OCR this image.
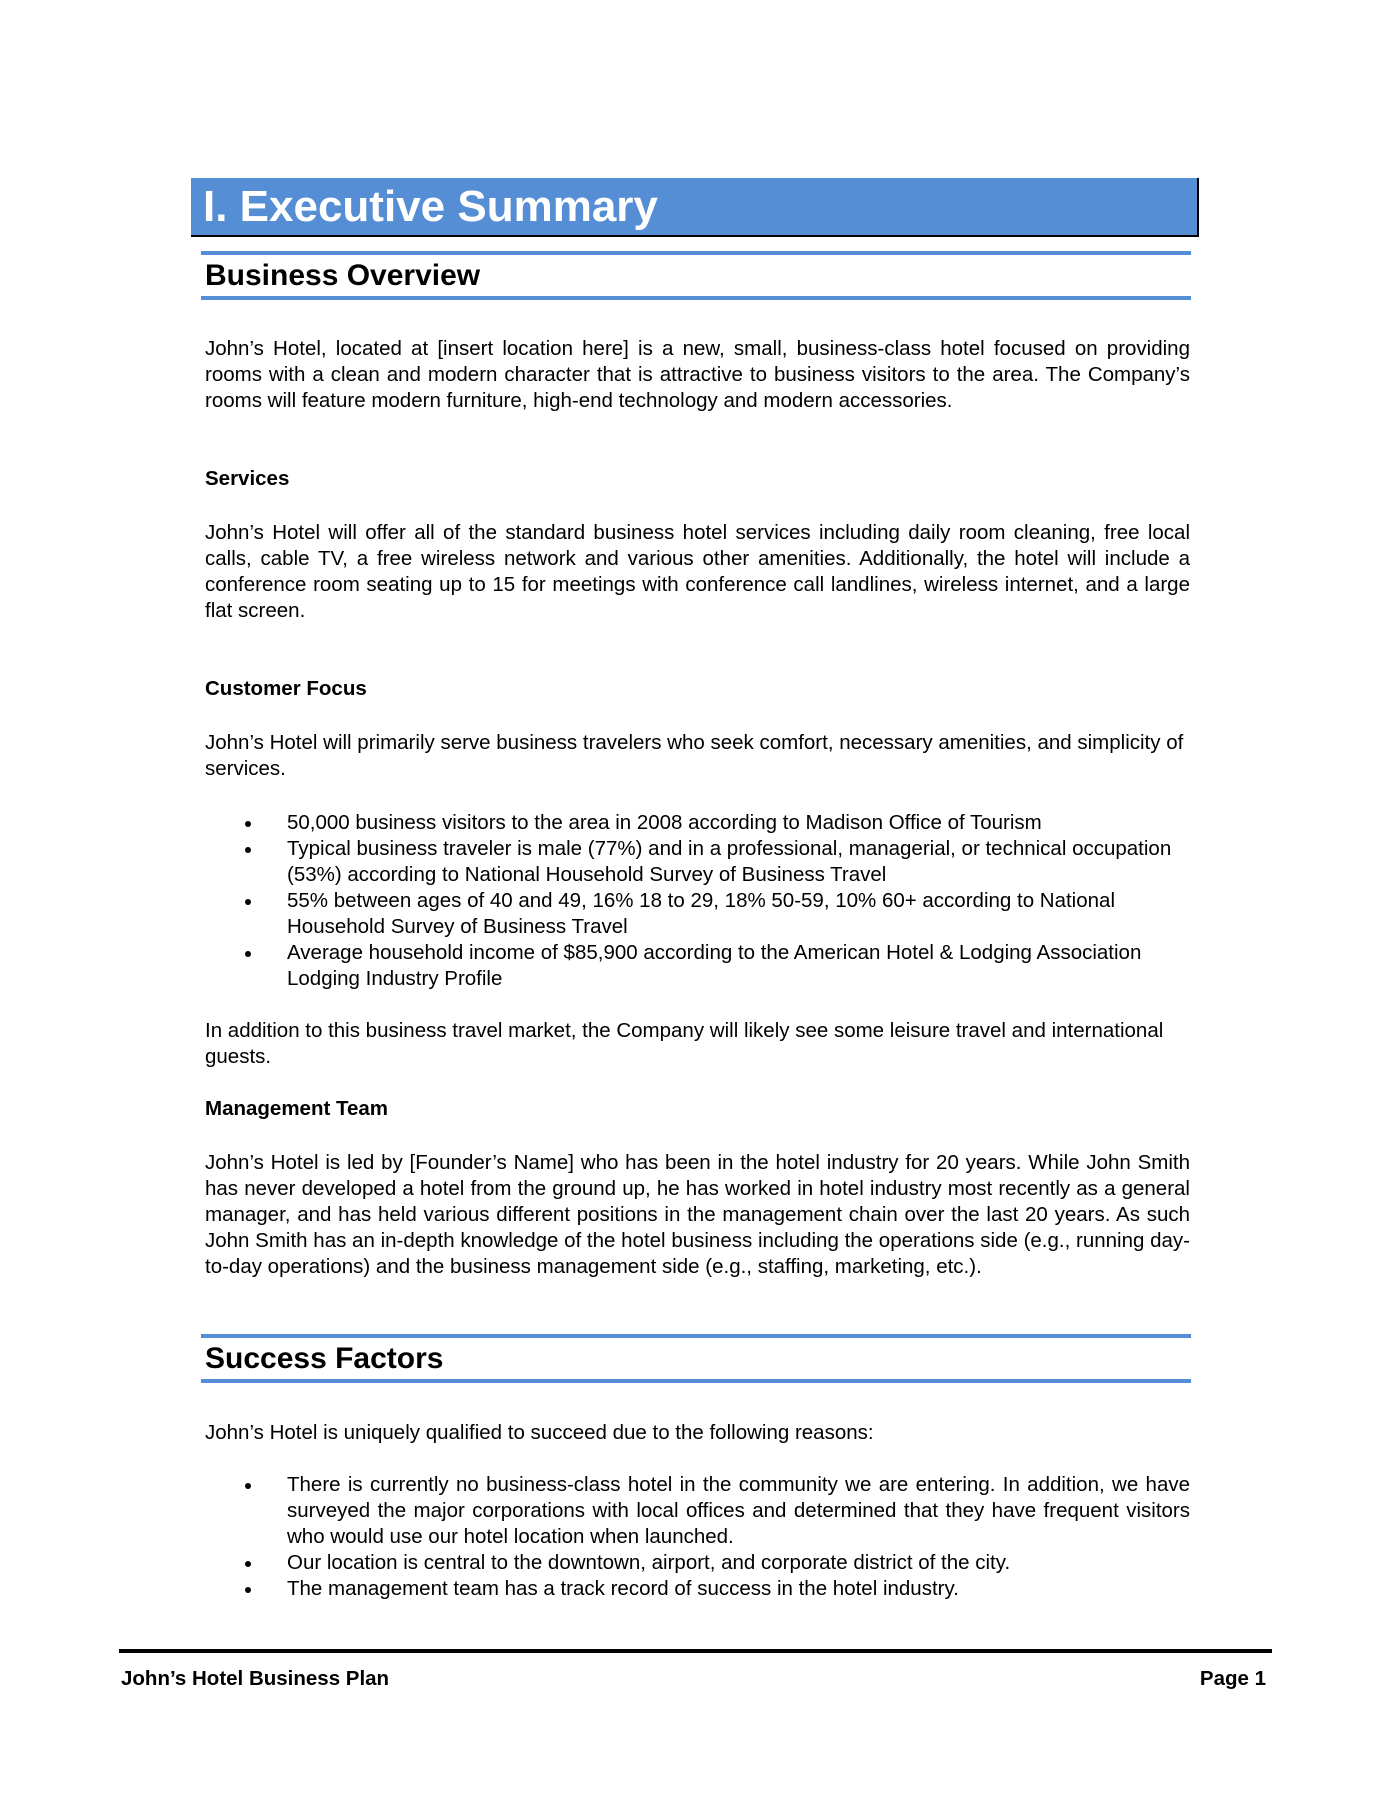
I. Executive Summary
Business Overview

John’s Hotel, located at [insert location here] is a new, small, business-class hotel focused on providing rooms with a clean and modern character that is attractive to business visitors to the area. The Company’s rooms will feature modern furniture, high-end technology and modern accessories.

Services

John’s Hotel will offer all of the standard business hotel services including daily room cleaning, free local calls, cable TV, a free wireless network and various other amenities. Additionally, the hotel will include a conference room seating up to 15 for meetings with conference call landlines, wireless internet, and a large flat screen.

Customer Focus

John’s Hotel will primarily serve business travelers who seek comfort, necessary amenities, and simplicity of services.

50,000 business visitors to the area in 2008 according to Madison Office of Tourism
Typical business traveler is male (77%) and in a professional, managerial, or technical occupation (53%) according to National Household Survey of Business Travel
55% between ages of 40 and 49, 16% 18 to 29, 18% 50-59, 10% 60+ according to National Household Survey of Business Travel
Average household income of $85,900 according to the American Hotel & Lodging Association Lodging Industry Profile

In addition to this business travel market, the Company will likely see some leisure travel and international guests.

Management Team

John’s Hotel is led by [Founder’s Name] who has been in the hotel industry for 20 years. While John Smith has never developed a hotel from the ground up, he has worked in hotel industry most recently as a general manager, and has held various different positions in the management chain over the last 20 years. As such John Smith has an in-depth knowledge of the hotel business including the operations side (e.g., running day-to-day operations) and the business management side (e.g., staffing, marketing, etc.).

Success Factors

John’s Hotel is uniquely qualified to succeed due to the following reasons:

There is currently no business-class hotel in the community we are entering. In addition, we have surveyed the major corporations with local offices and determined that they have frequent visitors who would use our hotel location when launched.
Our location is central to the downtown, airport, and corporate district of the city.
The management team has a track record of success in the hotel industry.
John’s Hotel Business Plan	Page 1
